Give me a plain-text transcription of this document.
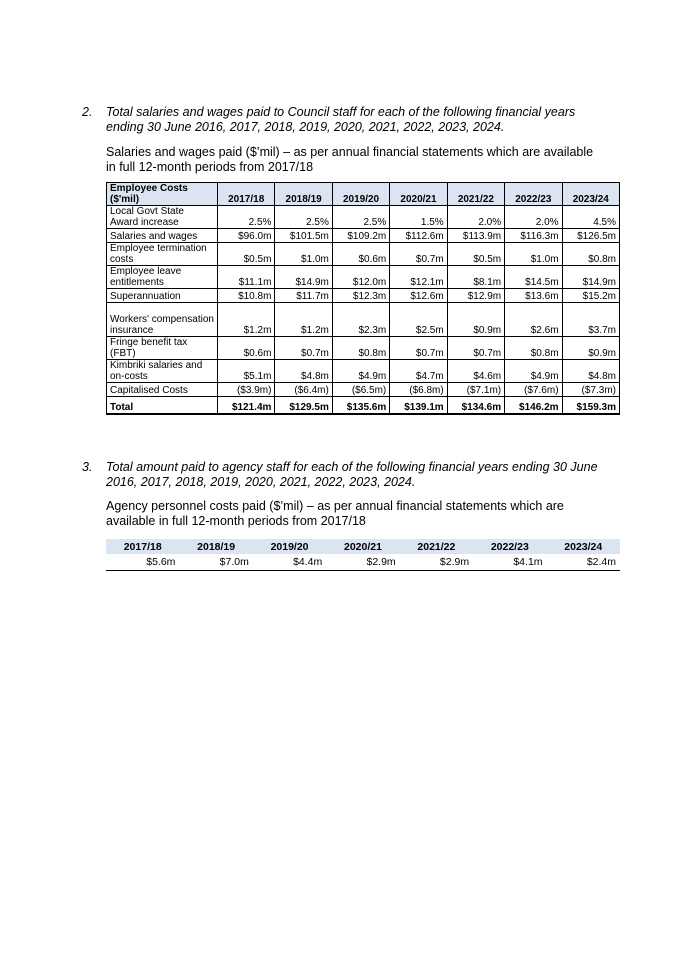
2. Total salaries and wages paid to Council staff for each of the following financial years ending 30 June 2016, 2017, 2018, 2019, 2020, 2021, 2022, 2023, 2024.
Salaries and wages paid ($’mil) – as per annual financial statements which are available in full 12-month periods from 2017/18
Employee Costs ($'mil)	2017/18	2018/19	2019/20	2020/21	2021/22	2022/23	2023/24
Local Govt State Award increase	2.5%	2.5%	2.5%	1.5%	2.0%	2.0%	4.5%
Salaries and wages	$96.0m	$101.5m	$109.2m	$112.6m	$113.9m	$116.3m	$126.5m
Employee termination costs	$0.5m	$1.0m	$0.6m	$0.7m	$0.5m	$1.0m	$0.8m
Employee leave entitlements	$11.1m	$14.9m	$12.0m	$12.1m	$8.1m	$14.5m	$14.9m
Superannuation	$10.8m	$11.7m	$12.3m	$12.6m	$12.9m	$13.6m	$15.2m
Workers' compensation insurance	$1.2m	$1.2m	$2.3m	$2.5m	$0.9m	$2.6m	$3.7m
Fringe benefit tax (FBT)	$0.6m	$0.7m	$0.8m	$0.7m	$0.7m	$0.8m	$0.9m
Kimbriki salaries and on-costs	$5.1m	$4.8m	$4.9m	$4.7m	$4.6m	$4.9m	$4.8m
Capitalised Costs	($3.9m)	($6.4m)	($6.5m)	($6.8m)	($7.1m)	($7.6m)	($7.3m)
Total	$121.4m	$129.5m	$135.6m	$139.1m	$134.6m	$146.2m	$159.3m
3. Total amount paid to agency staff for each of the following financial years ending 30 June 2016, 2017, 2018, 2019, 2020, 2021, 2022, 2023, 2024.
Agency personnel costs paid ($’mil) – as per annual financial statements which are available in full 12-month periods from 2017/18
2017/18	2018/19	2019/20	2020/21	2021/22	2022/23	2023/24
$5.6m	$7.0m	$4.4m	$2.9m	$2.9m	$4.1m	$2.4m
